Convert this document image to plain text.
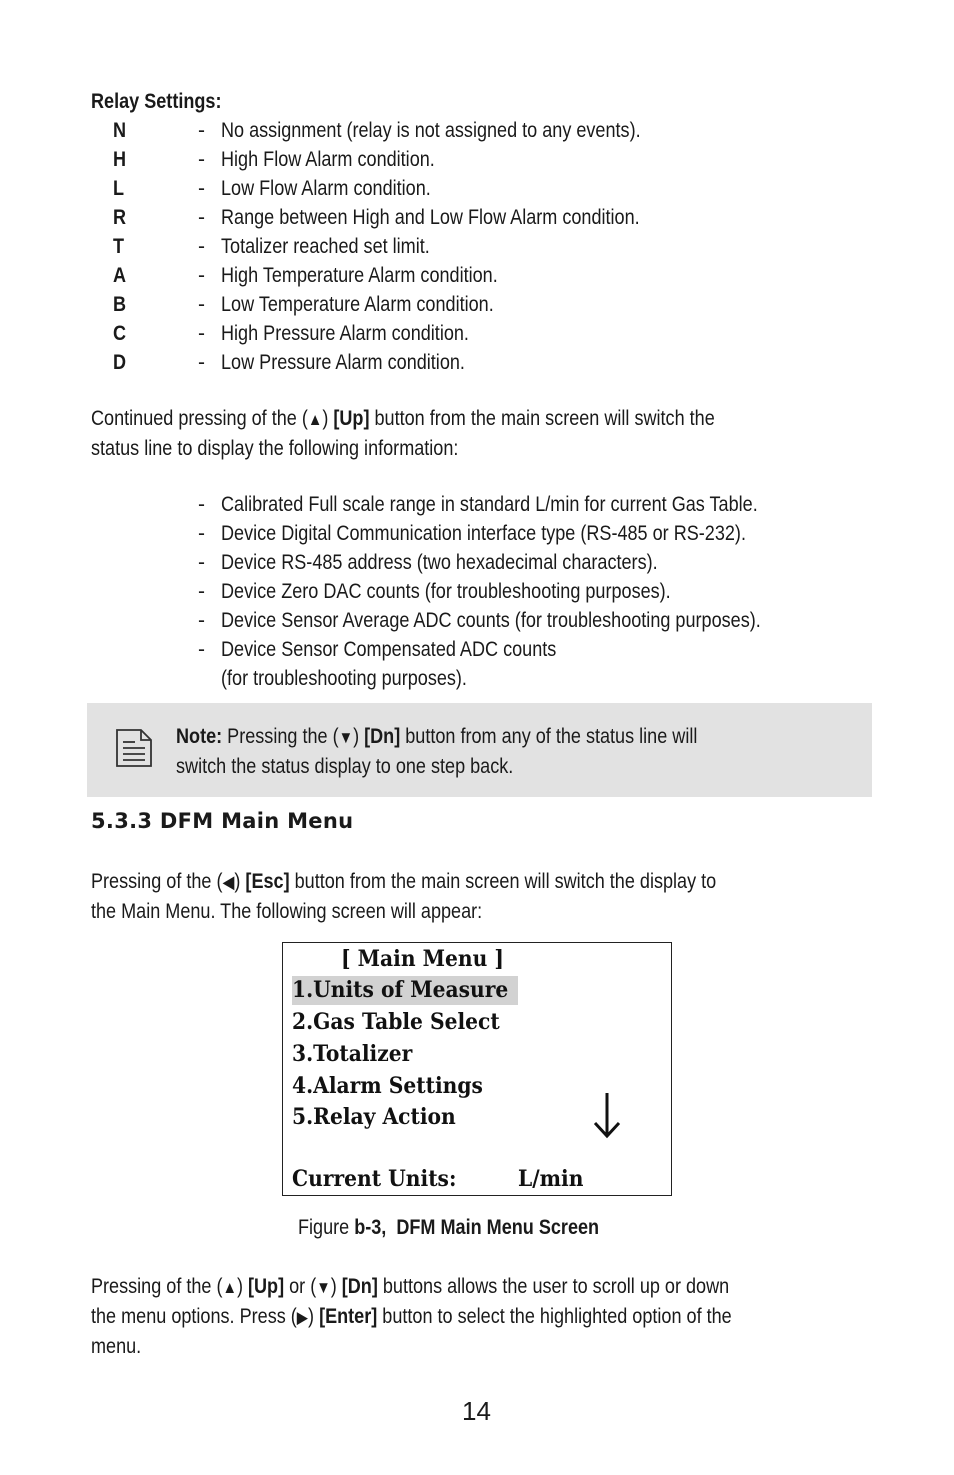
Relay Settings:
N	- No assignment (relay is not assigned to any events).
H	- High Flow Alarm condition.
L	- Low Flow Alarm condition.
R	- Range between High and Low Flow Alarm condition.
T	- Totalizer reached set limit.
A	- High Temperature Alarm condition.
B	- Low Temperature Alarm condition.
C	- High Pressure Alarm condition.
D	- Low Pressure Alarm condition.
Continued pressing of the (▲) [Up] button from the main screen will switch the
status line to display the following information:
- Calibrated Full scale range in standard L/min for current Gas Table.
- Device Digital Communication interface type (RS-485 or RS-232).
- Device RS-485 address (two hexadecimal characters).
- Device Zero DAC counts (for troubleshooting purposes).
- Device Sensor Average ADC counts (for troubleshooting purposes).
- Device Sensor Compensated ADC counts
(for troubleshooting purposes).
Note: Pressing the (▼) [Dn] button from any of the status line will
switch the status display to one step back.
5.3.3 DFM Main Menu
Pressing of the (◀) [Esc] button from the main screen will switch the display to
the Main Menu. The following screen will appear:
[ Main Menu ]
1.Units of Measure
2.Gas Table Select
3.Totalizer
4.Alarm Settings
5.Relay Action
Current Units:	L/min
Figure b-3, DFM Main Menu Screen
Pressing of the (▲) [Up] or (▼) [Dn] buttons allows the user to scroll up or down
the menu options. Press (▶) [Enter] button to select the highlighted option of the
menu.
14
